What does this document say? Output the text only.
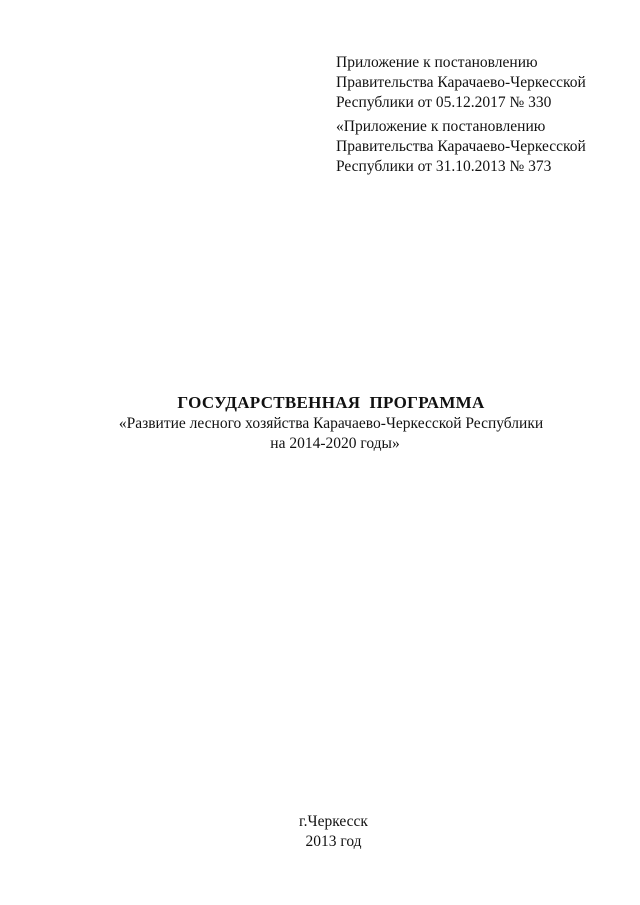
Приложение к постановлению
Правительства Карачаево-Черкесской
Республики от 05.12.2017 № 330
«Приложение к постановлению
Правительства Карачаево-Черкесской
Республики от 31.10.2013 № 373
ГОСУДАРСТВЕННАЯ  ПРОГРАММА
«Развитие лесного хозяйства Карачаево-Черкесской Республики
на 2014-2020 годы»
г.Черкесск
2013 год
